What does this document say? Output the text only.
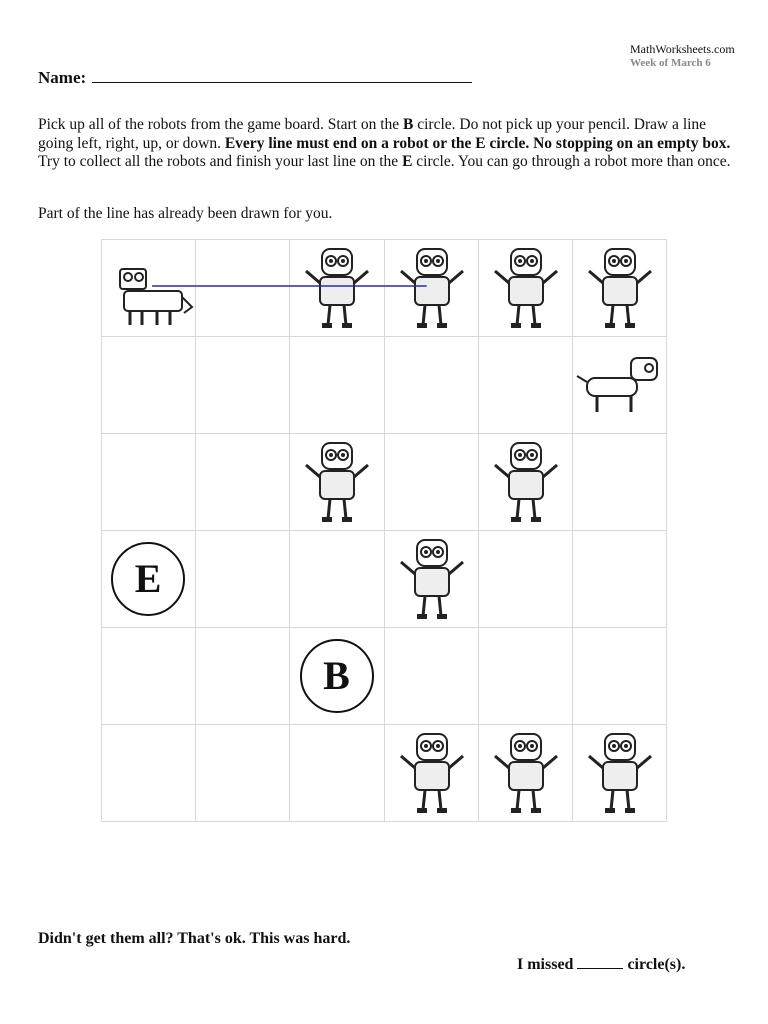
MathWorksheets.com
Week of March 6
Name:
Pick up all of the robots from the game board. Start on the B circle. Do not pick up your pencil. Draw a line going left, right, up, or down. Every line must end on a robot or the E circle. No stopping on an empty box. Try to collect all the robots and finish your last line on the E circle. You can go through a robot more than once.
Part of the line has already been drawn for you.
E
B
Didn't get them all? That's ok. This was hard.
I missed	circle(s).
